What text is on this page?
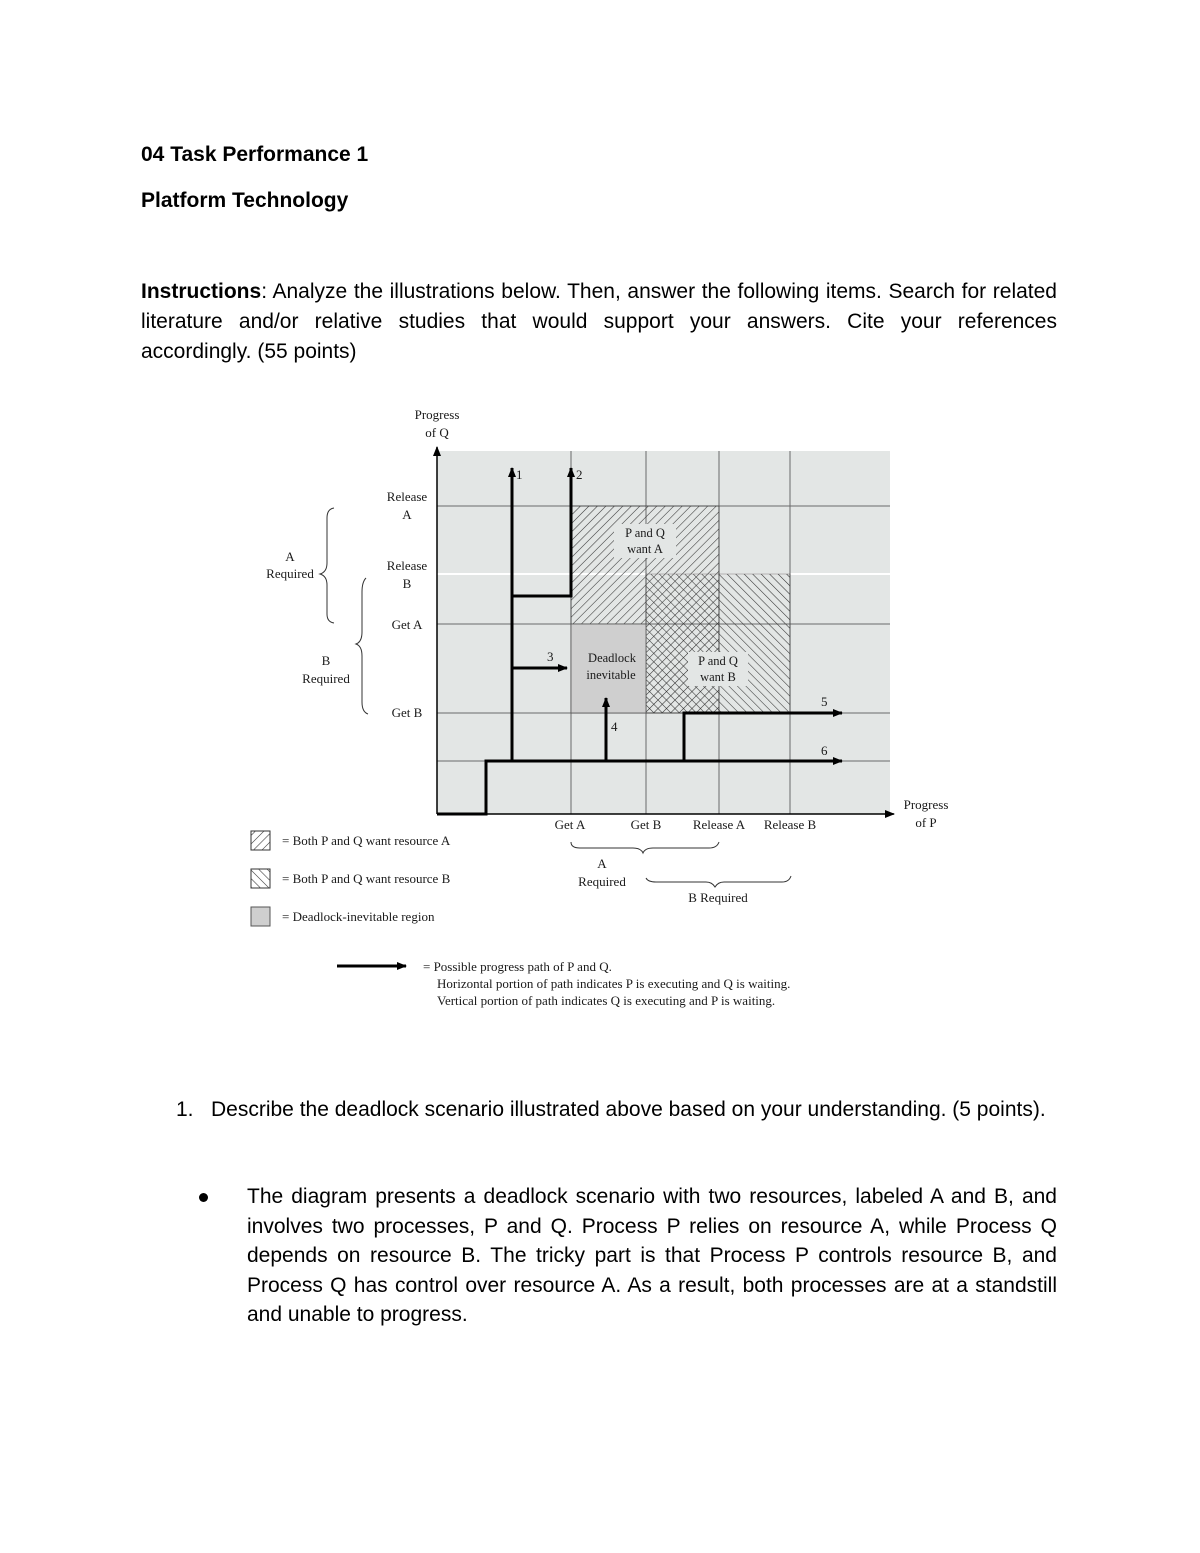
04 Task Performance 1
Platform Technology
Instructions: Analyze the illustrations below. Then, answer the following items. Search for related literature and/or relative studies that would support your answers. Cite your references accordingly. (55 points)
P and Q
want A
P and Q
want B
Deadlock
inevitable
1	2
3
4
5
6
Progress
of Q
Progress
of P
Release
A
Release
B
Get A
Get B
Get A	Get B Release A Release B
A
Required
B
Required
A
Required
B Required
= Both P and Q want resource A
= Both P and Q want resource B
= Deadlock-inevitable region
= Possible progress path of P and Q.
Horizontal portion of path indicates P is executing and Q is waiting.
Vertical portion of path indicates Q is executing and P is waiting.
1. Describe the deadlock scenario illustrated above based on your understanding. (5 points).
The diagram presents a deadlock scenario with two resources, labeled A and B, and involves two processes, P and Q. Process P relies on resource A, while Process Q depends on resource B. The tricky part is that Process P controls resource B, and Process Q has control over resource A. As a result, both processes are at a standstill and unable to progress.
